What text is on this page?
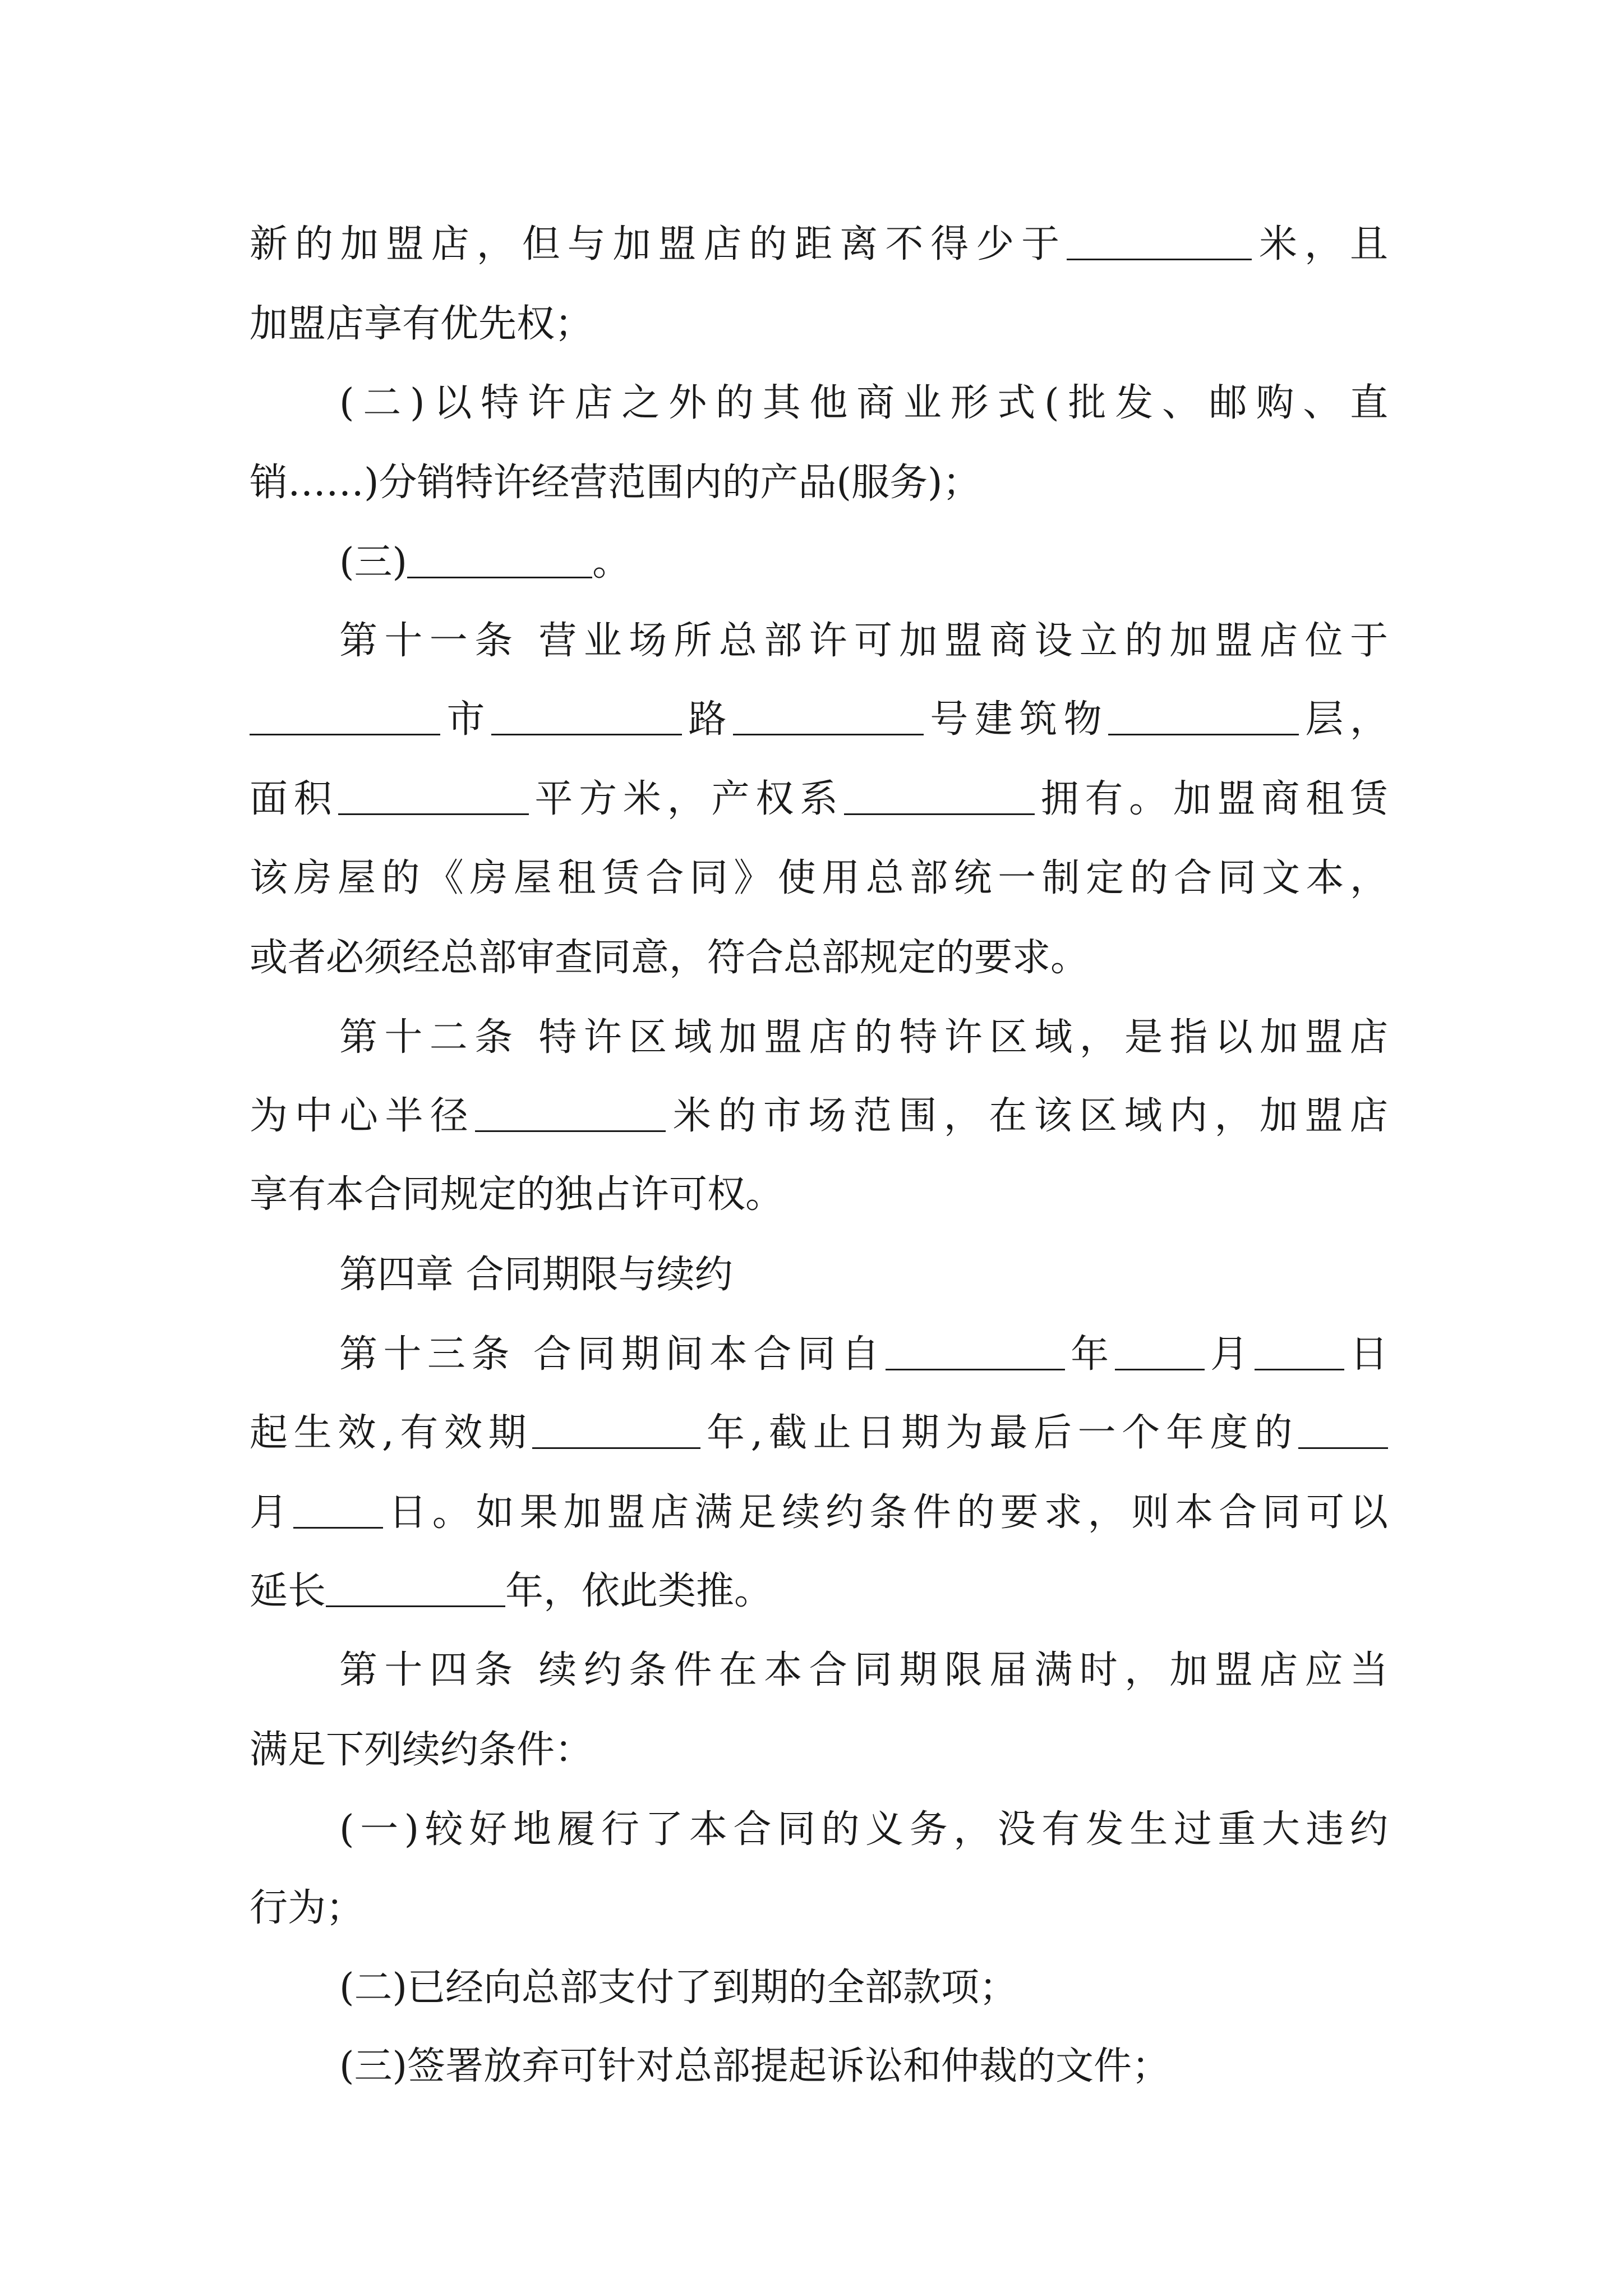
新的加盟店，但与加盟店的距离不得少于	米，且
加盟店享有优先权；
(二)以特许店之外的其他商业形式(批发、邮购、直
销……)分销特许经营范围内的产品(服务)；
(三)	。
第十一条 营业场所总部许可加盟商设立的加盟店位于
市	路	号建筑物	层，
面积	平方米，产权系	拥有。加盟商租赁
该房屋的《房屋租赁合同》使用总部统一制定的合同文本，
或者必须经总部审查同意，符合总部规定的要求。
第十二条 特许区域加盟店的特许区域，是指以加盟店
为中心半径	米的市场范围，在该区域内，加盟店
享有本合同规定的独占许可权。
第四章 合同期限与续约
第十三条 合同期间本合同自	年 月 日
起生效,有效期	年,截止日期为最后一个年度的
月 日。如果加盟店满足续约条件的要求，则本合同可以
延长	年，依此类推。
第十四条 续约条件在本合同期限届满时，加盟店应当
满足下列续约条件：
(一)较好地履行了本合同的义务，没有发生过重大违约
行为；
(二)已经向总部支付了到期的全部款项；
(三)签署放弃可针对总部提起诉讼和仲裁的文件；
